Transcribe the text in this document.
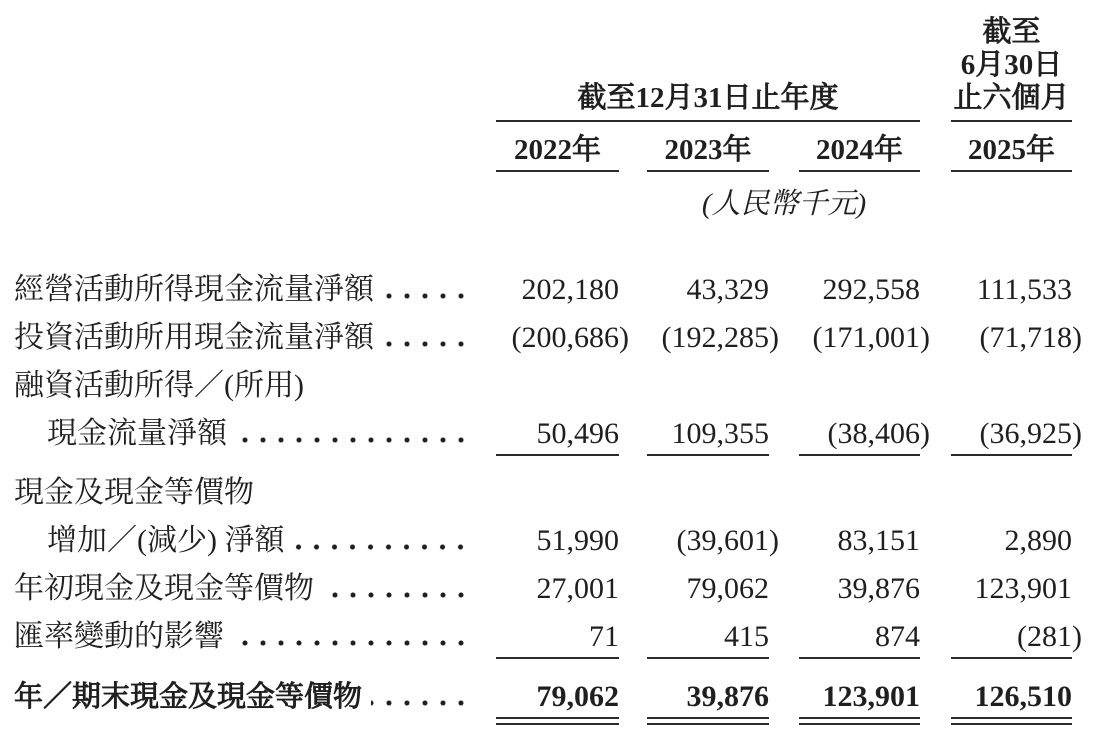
截至12月31日止年度
截至
6月30日
止六個月
2022年	2023年	2024年	2025年
(人民幣千元)
經營活動所得現金流量淨額	202,180	43,329	292,558	111,533
投資活動所用現金流量淨額	(200,686)	(192,285)	(171,001)	(71,718)
融資活動所得／(所用)
現金流量淨額	50,496	109,355	(38,406)	(36,925)
現金及現金等價物
增加／(減少) 淨額	51,990	(39,601)	83,151	2,890
年初現金及現金等價物	27,001	79,062	39,876	123,901
匯率變動的影響	71	415	874	(281)
年／期末現金及現金等價物	79,062	39,876	123,901	126,510
